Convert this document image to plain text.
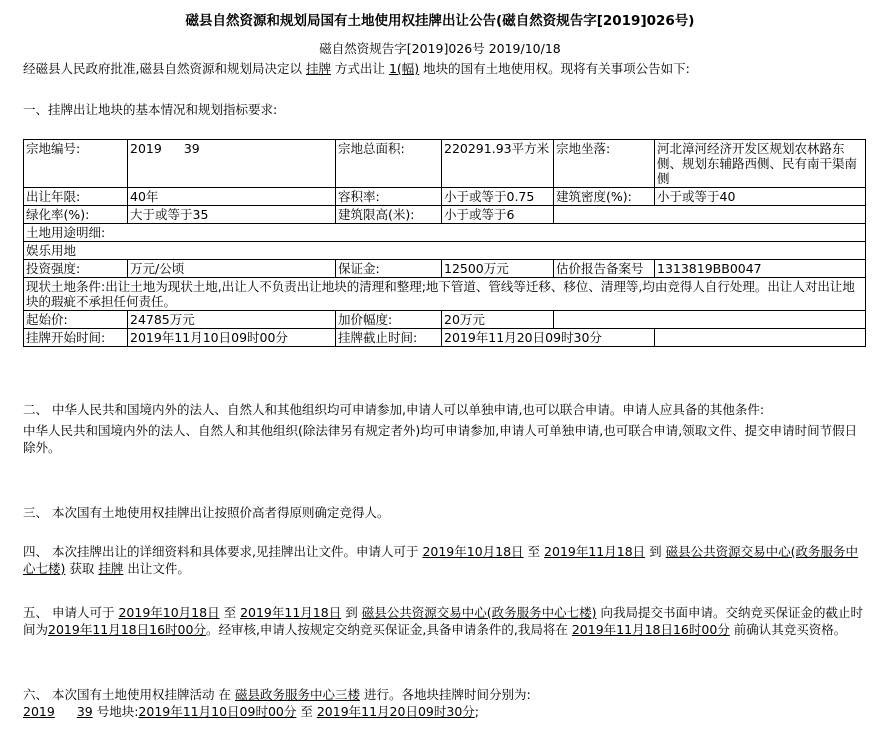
磁县自然资源和规划局国有土地使用权挂牌出让公告(磁自然资规告字[2019]026号)
磁自然资规告字[2019]026号 2019/10/18
经磁县人民政府批准,磁县自然资源和规划局决定以 挂牌 方式出让 1(幅) 地块的国有土地使用权。现将有关事项公告如下:
一、挂牌出让地块的基本情况和规划指标要求:
宗地编号:	2019 39	宗地总面积:	220291.93平方米	宗地坐落:	河北漳河经济开发区规划农林路东侧、规划东辅路西侧、民有南干渠南侧
出让年限:	40年	容积率:	小于或等于0.75	建筑密度(%):	小于或等于40
绿化率(%):	大于或等于35	建筑限高(米):	小于或等于6		
土地用途明细:					
娱乐用地					
投资强度:	万元/公顷	保证金:	12500万元	估价报告备案号	1313819BB0047
现状土地条件:出让土地为现状土地,出让人不负责出让地块的清理和整理;地下管道、管线等迁移、移位、清理等,均由竞得人自行处理。出让人对出让地块的瑕疵不承担任何责任。					
起始价:	24785万元	加价幅度:	20万元		
挂牌开始时间:	2019年11月10日09时00分	挂牌截止时间:	2019年11月20日09时30分		
二、 中华人民共和国境内外的法人、自然人和其他组织均可申请参加,申请人可以单独申请,也可以联合申请。申请人应具备的其他条件:
中华人民共和国境内外的法人、自然人和其他组织(除法律另有规定者外)均可申请参加,申请人可单独申请,也可联合申请,领取文件、提交申请时间节假日除外。
三、 本次国有土地使用权挂牌出让按照价高者得原则确定竞得人。
四、 本次挂牌出让的详细资料和具体要求,见挂牌出让文件。申请人可于 2019年10月18日 至 2019年11月18日 到 磁县公共资源交易中心(政务服务中心七楼) 获取 挂牌 出让文件。
五、 申请人可于 2019年10月18日 至 2019年11月18日 到 磁县公共资源交易中心(政务服务中心七楼) 向我局提交书面申请。交纳竞买保证金的截止时间为2019年11月18日16时00分。经审核,申请人按规定交纳竞买保证金,具备申请条件的,我局将在 2019年11月18日16时00分 前确认其竞买资格。
六、 本次国有土地使用权挂牌活动 在 磁县政务服务中心三楼 进行。各地块挂牌时间分别为:
2019 39 号地块:2019年11月10日09时00分 至 2019年11月20日09时30分;
